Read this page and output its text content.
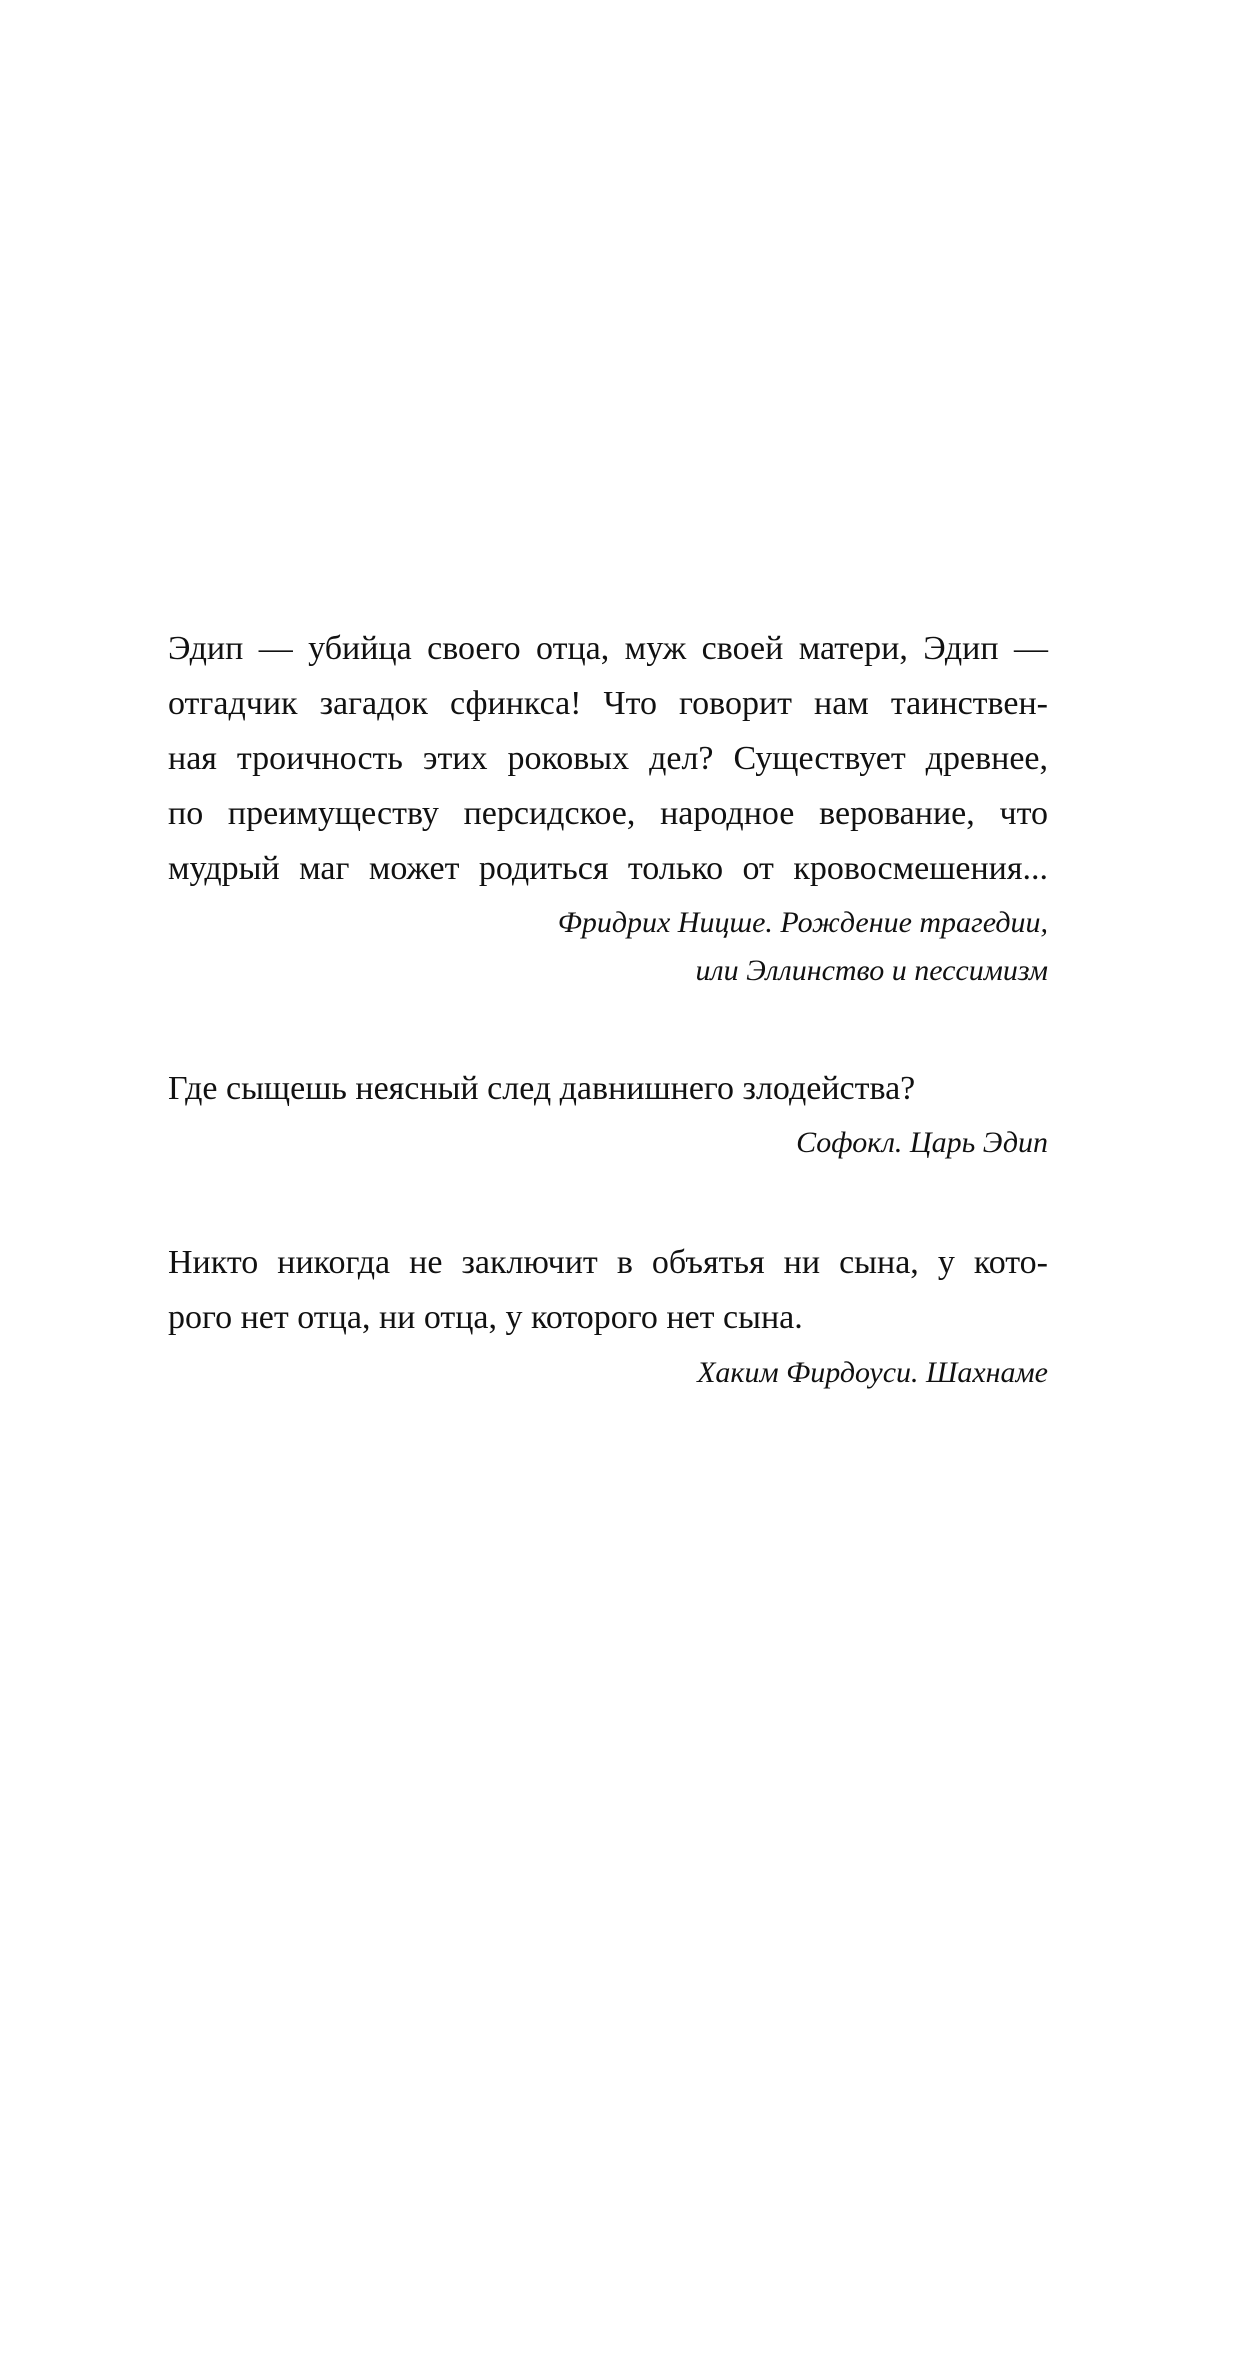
Эдип — убийца своего отца, муж своей матери, Эдип —
отгадчик загадок сфинкса! Что говорит нам таинствен-
ная троичность этих роковых дел? Существует древнее,
по преимуществу персидское, народное верование, что
мудрый маг может родиться только от кровосмешения...
Фридрих Ницше. Рождение трагедии,
или Эллинство и пессимизм
Где сыщешь неясный след давнишнего злодейства?
Софокл. Царь Эдип
Никто никогда не заключит в объятья ни сына, у кото-
рого нет отца, ни отца, у которого нет сына.
Хаким Фирдоуси. Шахнаме
